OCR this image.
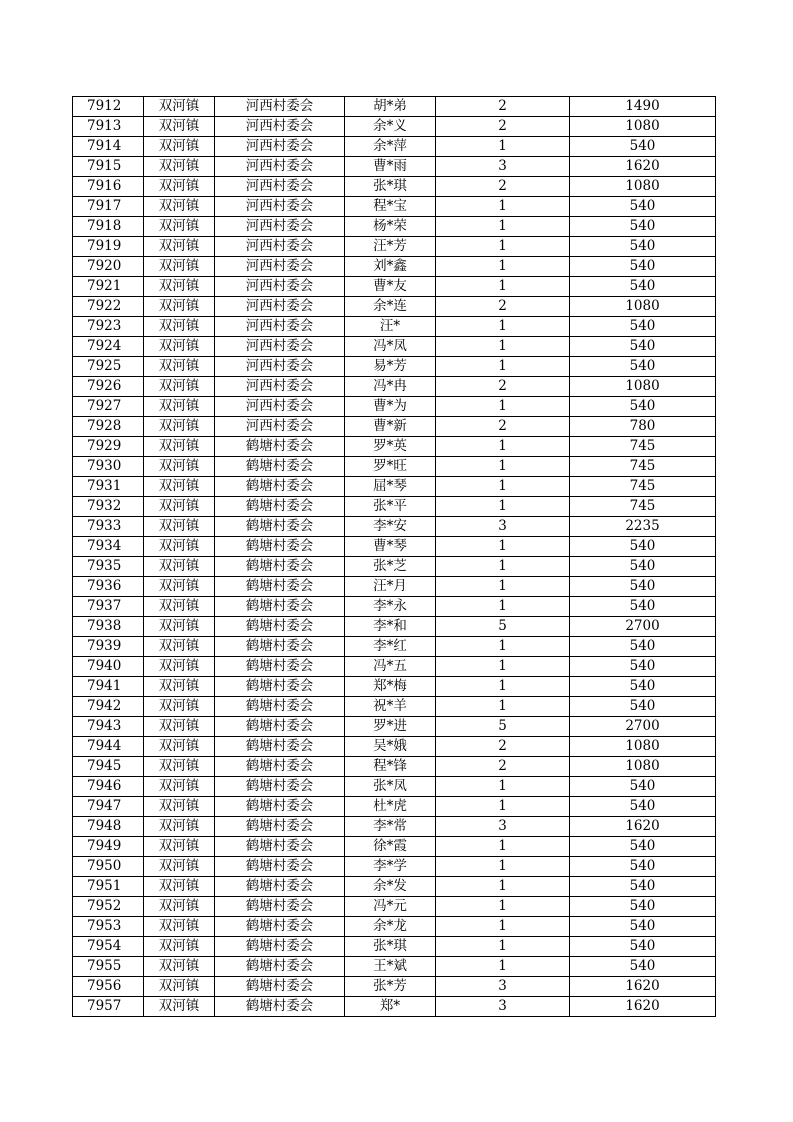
7912	双河镇	河西村委会	胡*弟	2	1490
7913	双河镇	河西村委会	余*义	2	1080
7914	双河镇	河西村委会	余*萍	1	540
7915	双河镇	河西村委会	曹*雨	3	1620
7916	双河镇	河西村委会	张*琪	2	1080
7917	双河镇	河西村委会	程*宝	1	540
7918	双河镇	河西村委会	杨*荣	1	540
7919	双河镇	河西村委会	汪*芳	1	540
7920	双河镇	河西村委会	刘*鑫	1	540
7921	双河镇	河西村委会	曹*友	1	540
7922	双河镇	河西村委会	余*连	2	1080
7923	双河镇	河西村委会	汪*	1	540
7924	双河镇	河西村委会	冯*凤	1	540
7925	双河镇	河西村委会	易*芳	1	540
7926	双河镇	河西村委会	冯*冉	2	1080
7927	双河镇	河西村委会	曹*为	1	540
7928	双河镇	河西村委会	曹*新	2	780
7929	双河镇	鹤塘村委会	罗*英	1	745
7930	双河镇	鹤塘村委会	罗*旺	1	745
7931	双河镇	鹤塘村委会	屈*琴	1	745
7932	双河镇	鹤塘村委会	张*平	1	745
7933	双河镇	鹤塘村委会	李*安	3	2235
7934	双河镇	鹤塘村委会	曹*琴	1	540
7935	双河镇	鹤塘村委会	张*芝	1	540
7936	双河镇	鹤塘村委会	汪*月	1	540
7937	双河镇	鹤塘村委会	李*永	1	540
7938	双河镇	鹤塘村委会	李*和	5	2700
7939	双河镇	鹤塘村委会	李*红	1	540
7940	双河镇	鹤塘村委会	冯*五	1	540
7941	双河镇	鹤塘村委会	郑*梅	1	540
7942	双河镇	鹤塘村委会	祝*羊	1	540
7943	双河镇	鹤塘村委会	罗*进	5	2700
7944	双河镇	鹤塘村委会	吴*娥	2	1080
7945	双河镇	鹤塘村委会	程*锋	2	1080
7946	双河镇	鹤塘村委会	张*凤	1	540
7947	双河镇	鹤塘村委会	杜*虎	1	540
7948	双河镇	鹤塘村委会	李*常	3	1620
7949	双河镇	鹤塘村委会	徐*霞	1	540
7950	双河镇	鹤塘村委会	李*学	1	540
7951	双河镇	鹤塘村委会	余*发	1	540
7952	双河镇	鹤塘村委会	冯*元	1	540
7953	双河镇	鹤塘村委会	余*龙	1	540
7954	双河镇	鹤塘村委会	张*琪	1	540
7955	双河镇	鹤塘村委会	王*斌	1	540
7956	双河镇	鹤塘村委会	张*芳	3	1620
7957	双河镇	鹤塘村委会	郑*	3	1620
